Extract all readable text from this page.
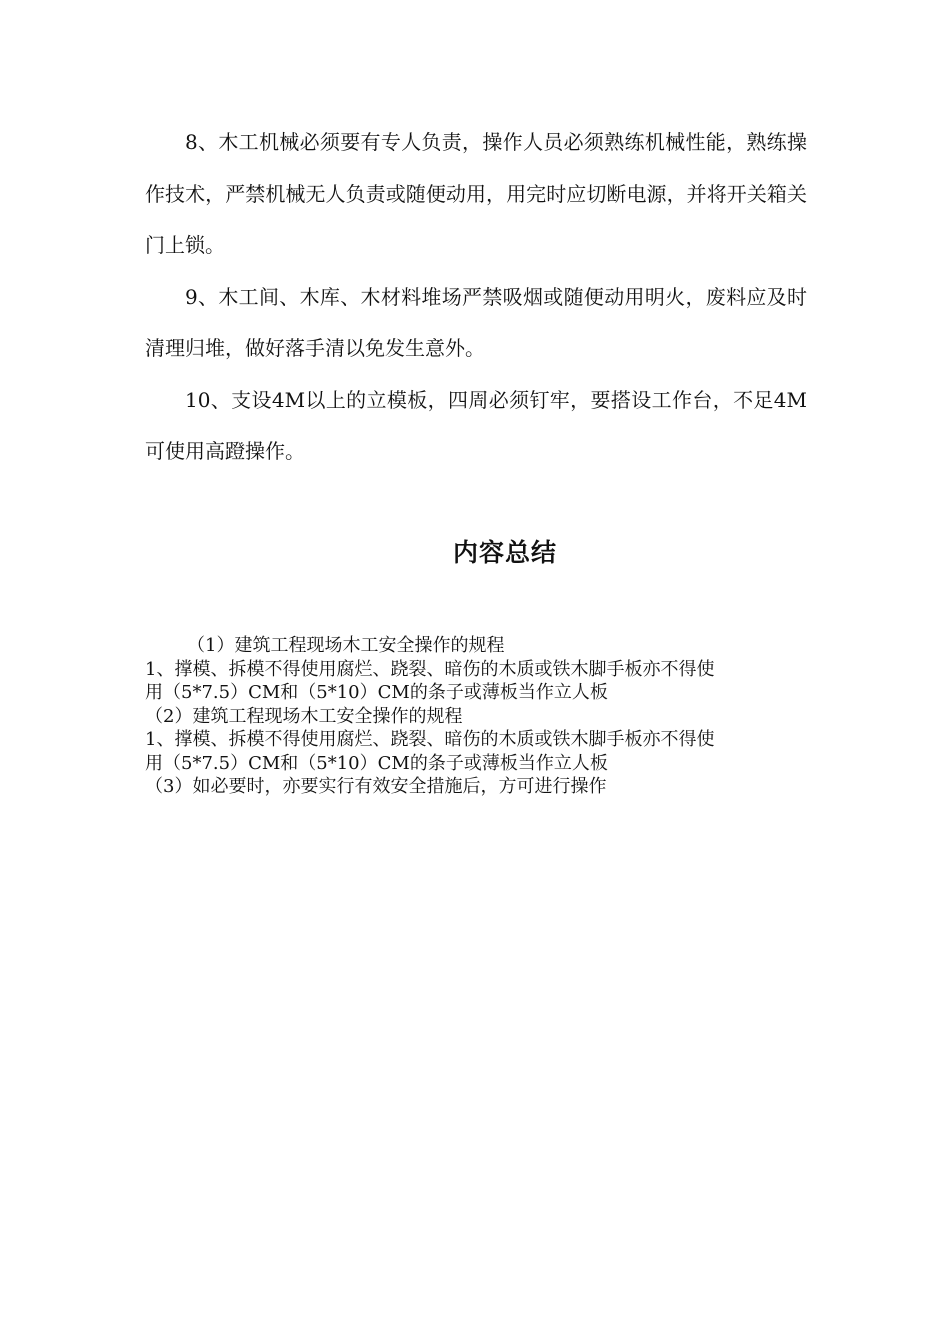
8、木工机械必须要有专人负责，操作人员必须熟练机械性能，熟练操作技术，严禁机械无人负责或随便动用，用完时应切断电源，并将开关箱关门上锁。

9、木工间、木库、木材料堆场严禁吸烟或随便动用明火，废料应及时清理归堆，做好落手清以免发生意外。

10、支设4M以上的立模板，四周必须钉牢，要搭设工作台，不足4M可使用高蹬操作。

内容总结

（1）建筑工程现场木工安全操作的规程

1、撑模、拆模不得使用腐烂、跷裂、暗伤的木质或铁木脚手板亦不得使

用（5*7.5）CM和（5*10）CM的条子或薄板当作立人板

（2）建筑工程现场木工安全操作的规程

1、撑模、拆模不得使用腐烂、跷裂、暗伤的木质或铁木脚手板亦不得使

用（5*7.5）CM和（5*10）CM的条子或薄板当作立人板

（3）如必要时，亦要实行有效安全措施后，方可进行操作
